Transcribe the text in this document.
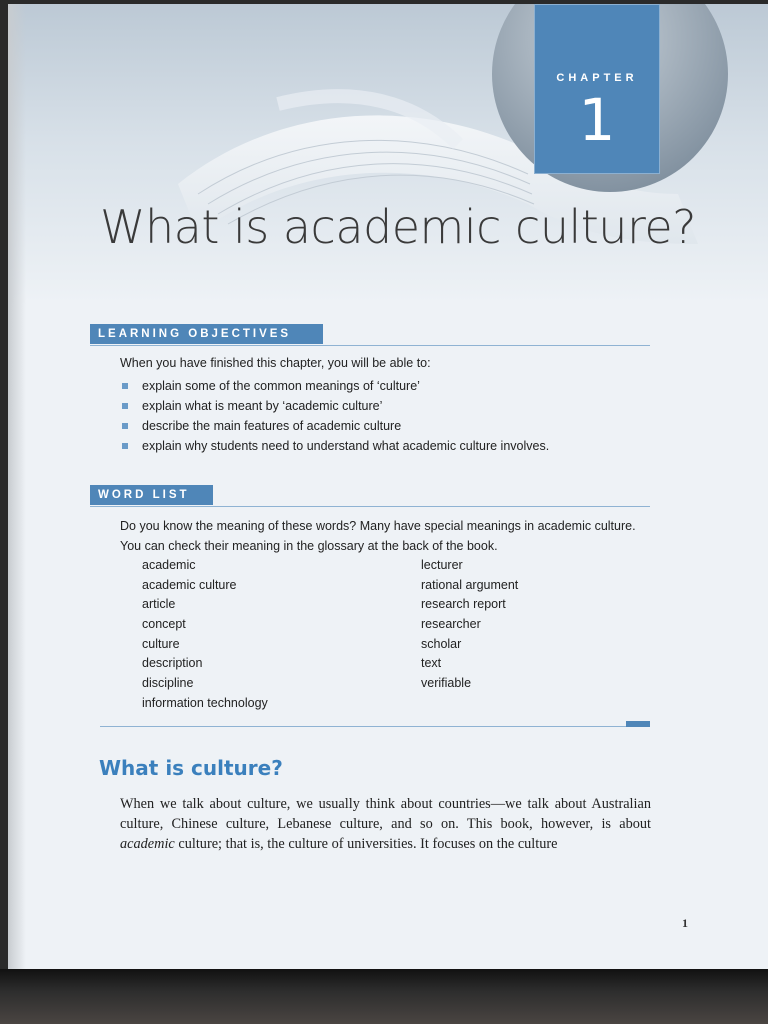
CHAPTER
1
What is academic culture?
LEARNING OBJECTIVES
When you have finished this chapter, you will be able to:
explain some of the common meanings of ‘culture’
explain what is meant by ‘academic culture’
describe the main features of academic culture
explain why students need to understand what academic culture involves.
WORD LIST
Do you know the meaning of these words? Many have special meanings in academic culture. You can check their meaning in the glossary at the back of the book.
academic
academic culture
article
concept
culture
description
discipline
information technology
lecturer
rational argument
research report
researcher
scholar
text
verifiable
What is culture?

When we talk about culture, we usually think about countries—we talk about Australian culture, Chinese culture, Lebanese culture, and so on. This book, however, is about academic culture; that is, the culture of universities. It focuses on the culture

1
